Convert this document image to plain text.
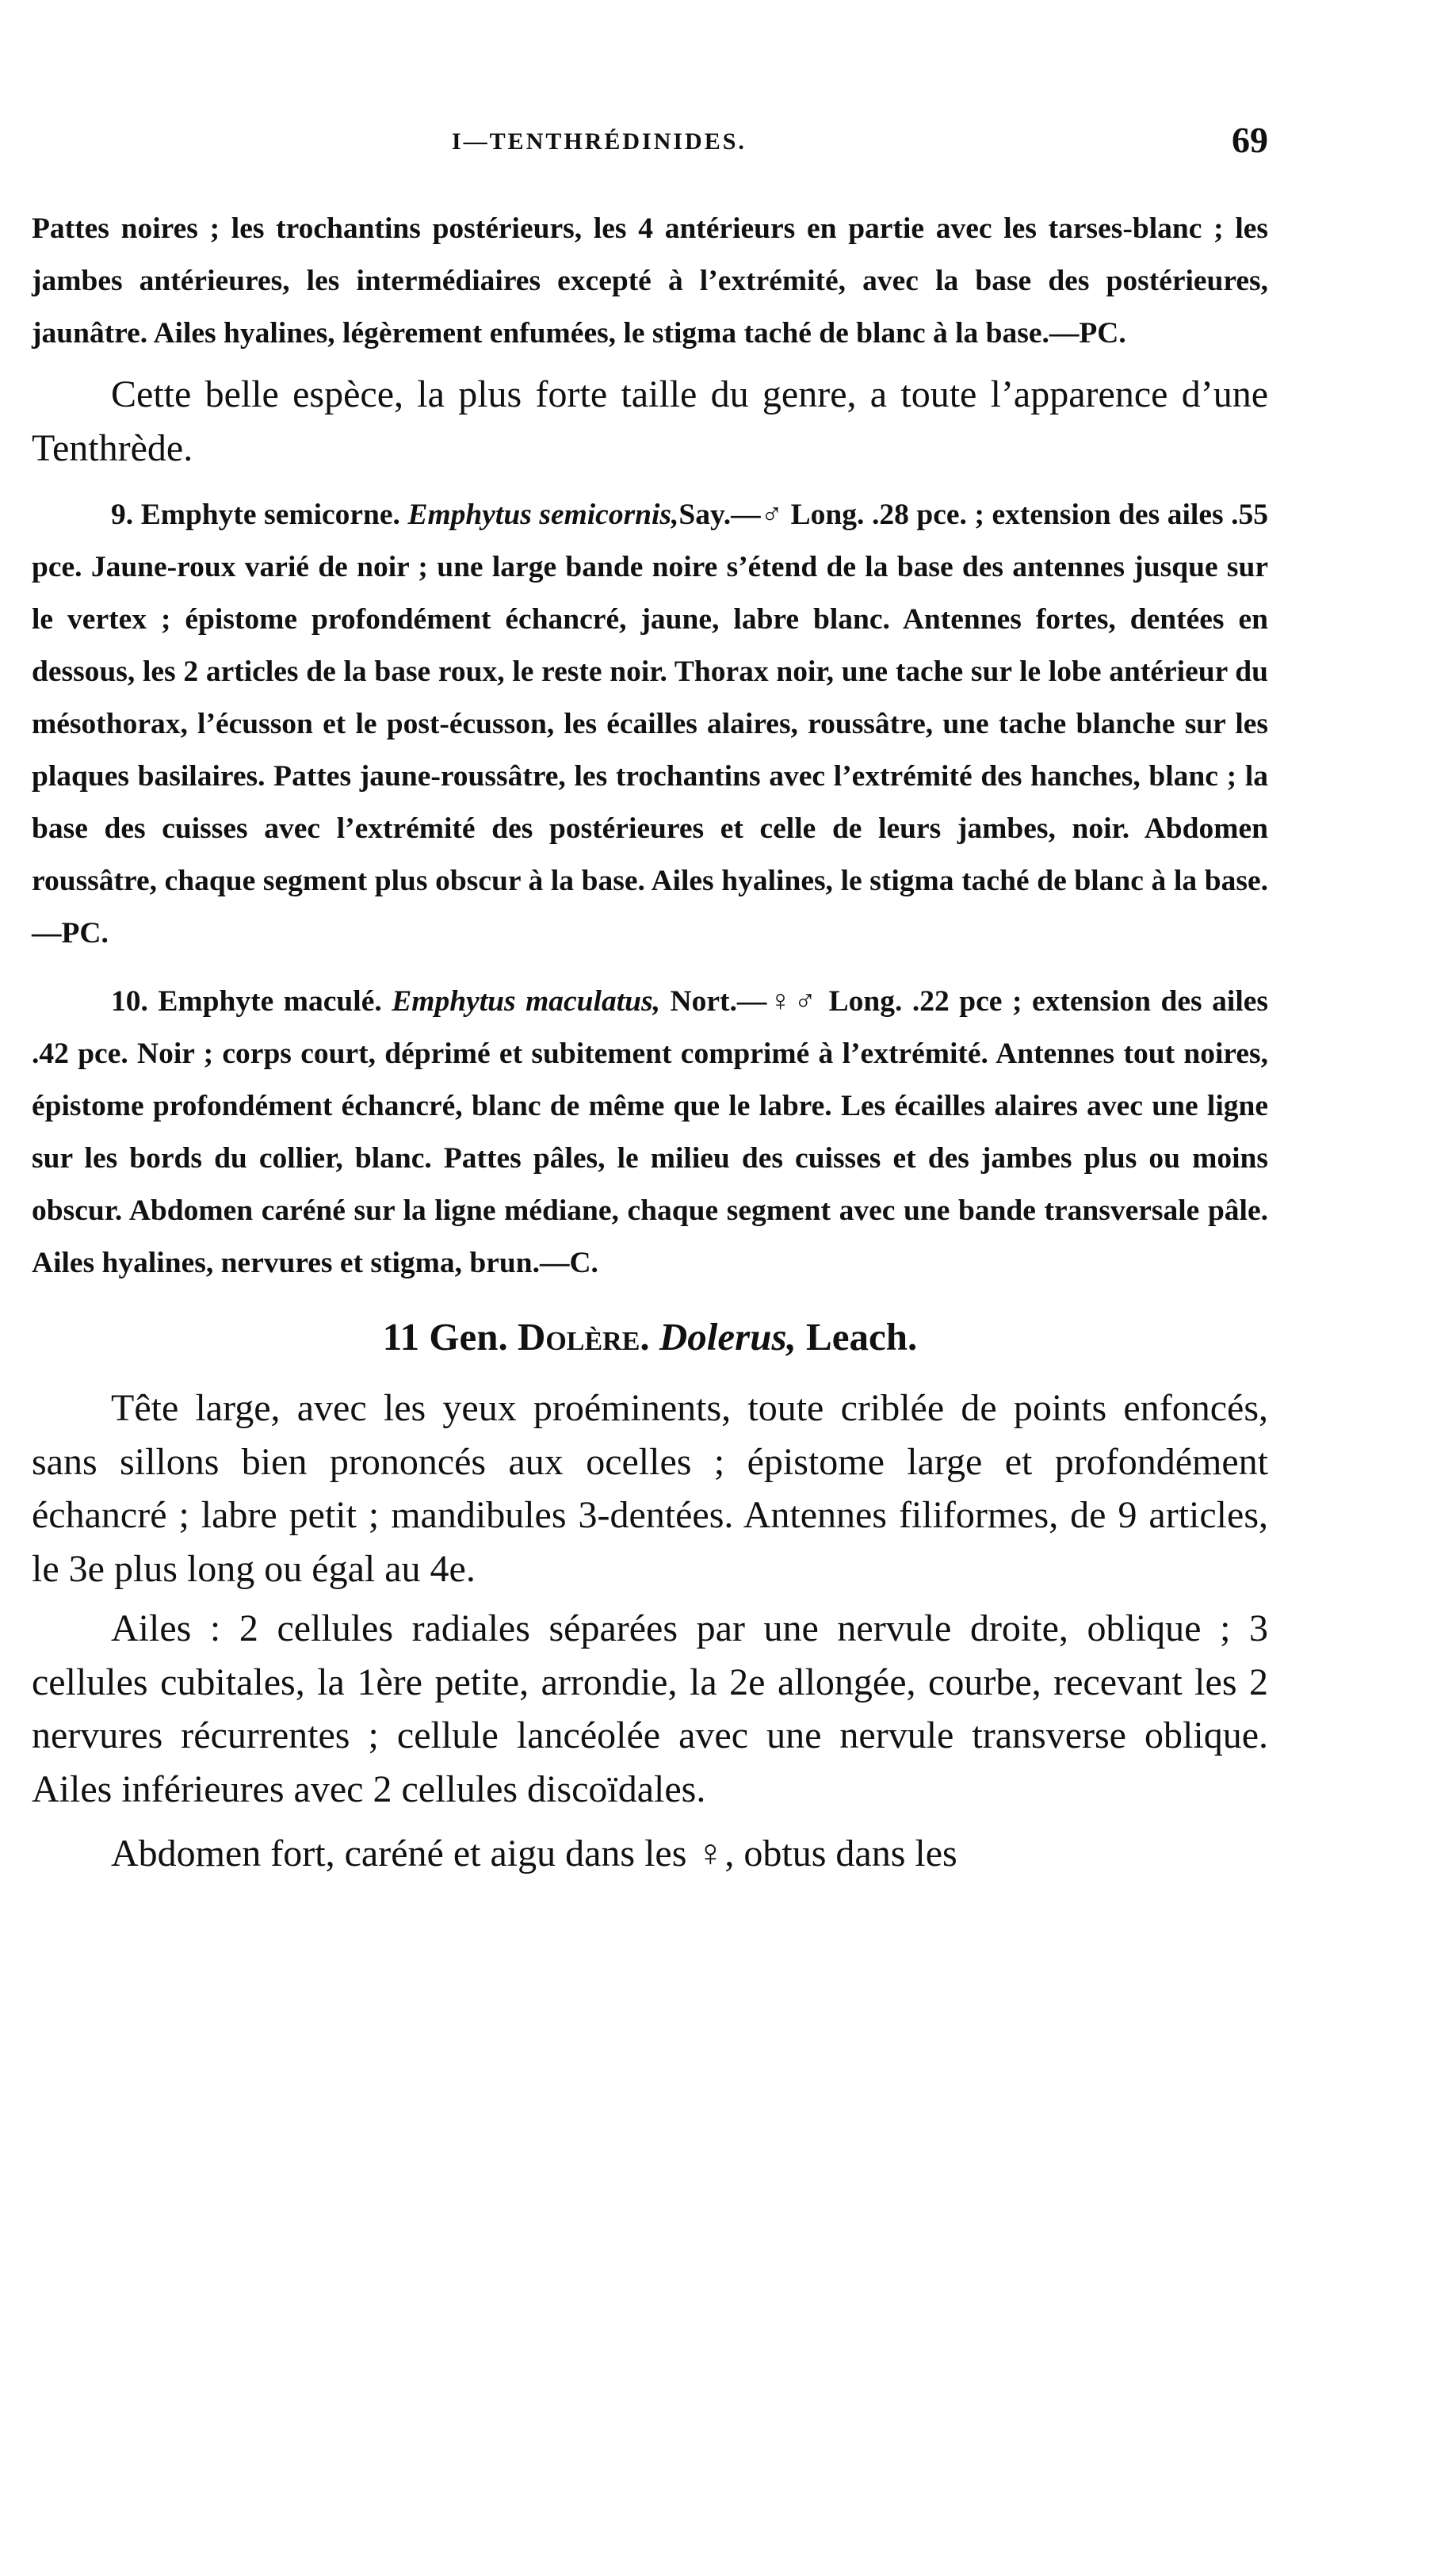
I—TENTHRÉDINIDES.	69

Pattes noires ; les trochantins postérieurs, les 4 antérieurs en partie avec les tarses-blanc ; les jambes antérieures, les intermédiaires excepté à l’extrémité, avec la base des postérieures, jaunâtre. Ailes hyalines, légèrement enfumées, le stigma taché de blanc à la base.—PC.

Cette belle espèce, la plus forte taille du genre, a toute l’apparence d’une Tenthrède.

9. Emphyte semicorne. Emphytus semicornis,Say.—♂ Long. .28 pce. ; extension des ailes .55 pce. Jaune-roux varié de noir ; une large bande noire s’étend de la base des antennes jusque sur le vertex ; épistome profondément échancré, jaune, labre blanc. Antennes fortes, dentées en dessous, les 2 articles de la base roux, le reste noir. Thorax noir, une tache sur le lobe antérieur du mésothorax, l’écusson et le post-écusson, les écailles alaires, roussâtre, une tache blanche sur les plaques basilaires. Pattes jaune-roussâtre, les trochantins avec l’extrémité des hanches, blanc ; la base des cuisses avec l’extrémité des postérieures et celle de leurs jambes, noir. Abdomen roussâtre, chaque segment plus obscur à la base. Ailes hyalines, le stigma taché de blanc à la base.—PC.

10. Emphyte maculé. Emphytus maculatus, Nort.—♀♂ Long. .22 pce ; extension des ailes .42 pce. Noir ; corps court, déprimé et subitement comprimé à l’extrémité. Antennes tout noires, épistome profondément échancré, blanc de même que le labre. Les écailles alaires avec une ligne sur les bords du collier, blanc. Pattes pâles, le milieu des cuisses et des jambes plus ou moins obscur. Abdomen caréné sur la ligne médiane, chaque segment avec une bande transversale pâle. Ailes hyalines, nervures et stigma, brun.—C.

11 Gen. Dolère. Dolerus, Leach.

Tête large, avec les yeux proéminents, toute criblée de points enfoncés, sans sillons bien prononcés aux ocelles ; épistome large et profondément échancré ; labre petit ; mandibules 3-dentées. Antennes filiformes, de 9 articles, le 3e plus long ou égal au 4e.

Ailes : 2 cellules radiales séparées par une nervule droite, oblique ; 3 cellules cubitales, la 1ère petite, arrondie, la 2e allongée, courbe, recevant les 2 nervures récurrentes ; cellule lancéolée avec une nervule transverse oblique. Ailes inférieures avec 2 cellules discoïdales.

Abdomen fort, caréné et aigu dans les ♀, obtus dans les
